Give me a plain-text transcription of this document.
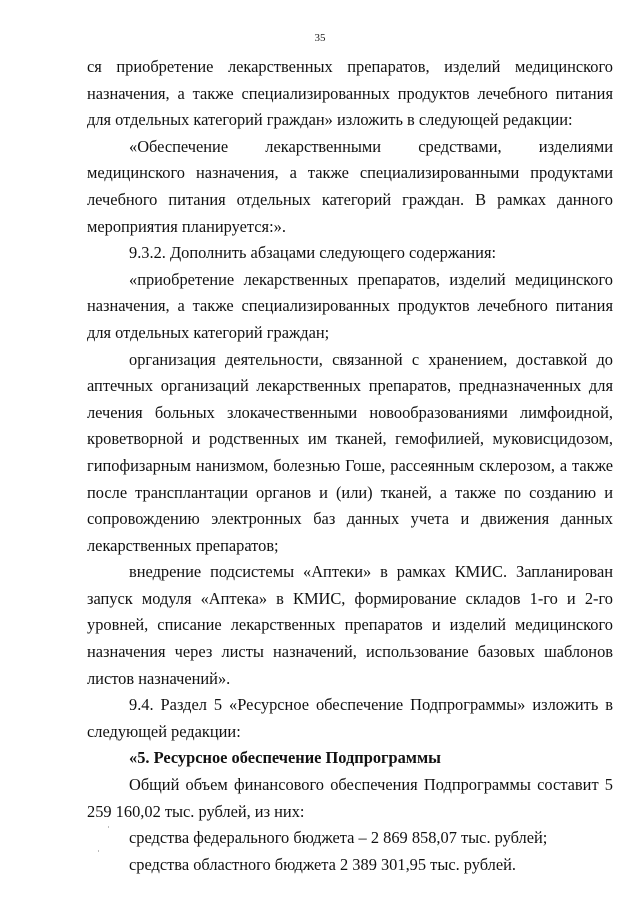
35

ся приобретение лекарственных препаратов, изделий медицинского назначения, а также специализированных продуктов лечебного питания для отдельных категорий граждан» изложить в следующей редакции:

«Обеспечение лекарственными средствами, изделиями медицинского назначения, а также специализированными продуктами лечебного питания отдельных категорий граждан. В рамках данного мероприятия планируется:».

9.3.2. Дополнить абзацами следующего содержания:

«приобретение лекарственных препаратов, изделий медицинского назначения, а также специализированных продуктов лечебного питания для отдельных категорий граждан;

организация деятельности, связанной с хранением, доставкой до аптечных организаций лекарственных препаратов, предназначенных для лечения больных злокачественными новообразованиями лимфоидной, кроветворной и родственных им тканей, гемофилией, муковисцидозом, гипофизарным нанизмом, болезнью Гоше, рассеянным склерозом, а также после трансплантации органов и (или) тканей, а также по созданию и сопровождению электронных баз данных учета и движения данных лекарственных препаратов;

внедрение подсистемы «Аптеки» в рамках КМИС. Запланирован запуск модуля «Аптека» в КМИС, формирование складов 1-го и 2-го уровней, списание лекарственных препаратов и изделий медицинского назначения через листы назначений, использование базовых шаблонов листов назначений».

9.4. Раздел 5 «Ресурсное обеспечение Подпрограммы» изложить в следующей редакции:

«5. Ресурсное обеспечение Подпрограммы

Общий объем финансового обеспечения Подпрограммы составит 5 259 160,02 тыс. рублей, из них:

средства федерального бюджета – 2 869 858,07 тыс. рублей;

средства областного бюджета 2 389 301,95 тыс. рублей.
